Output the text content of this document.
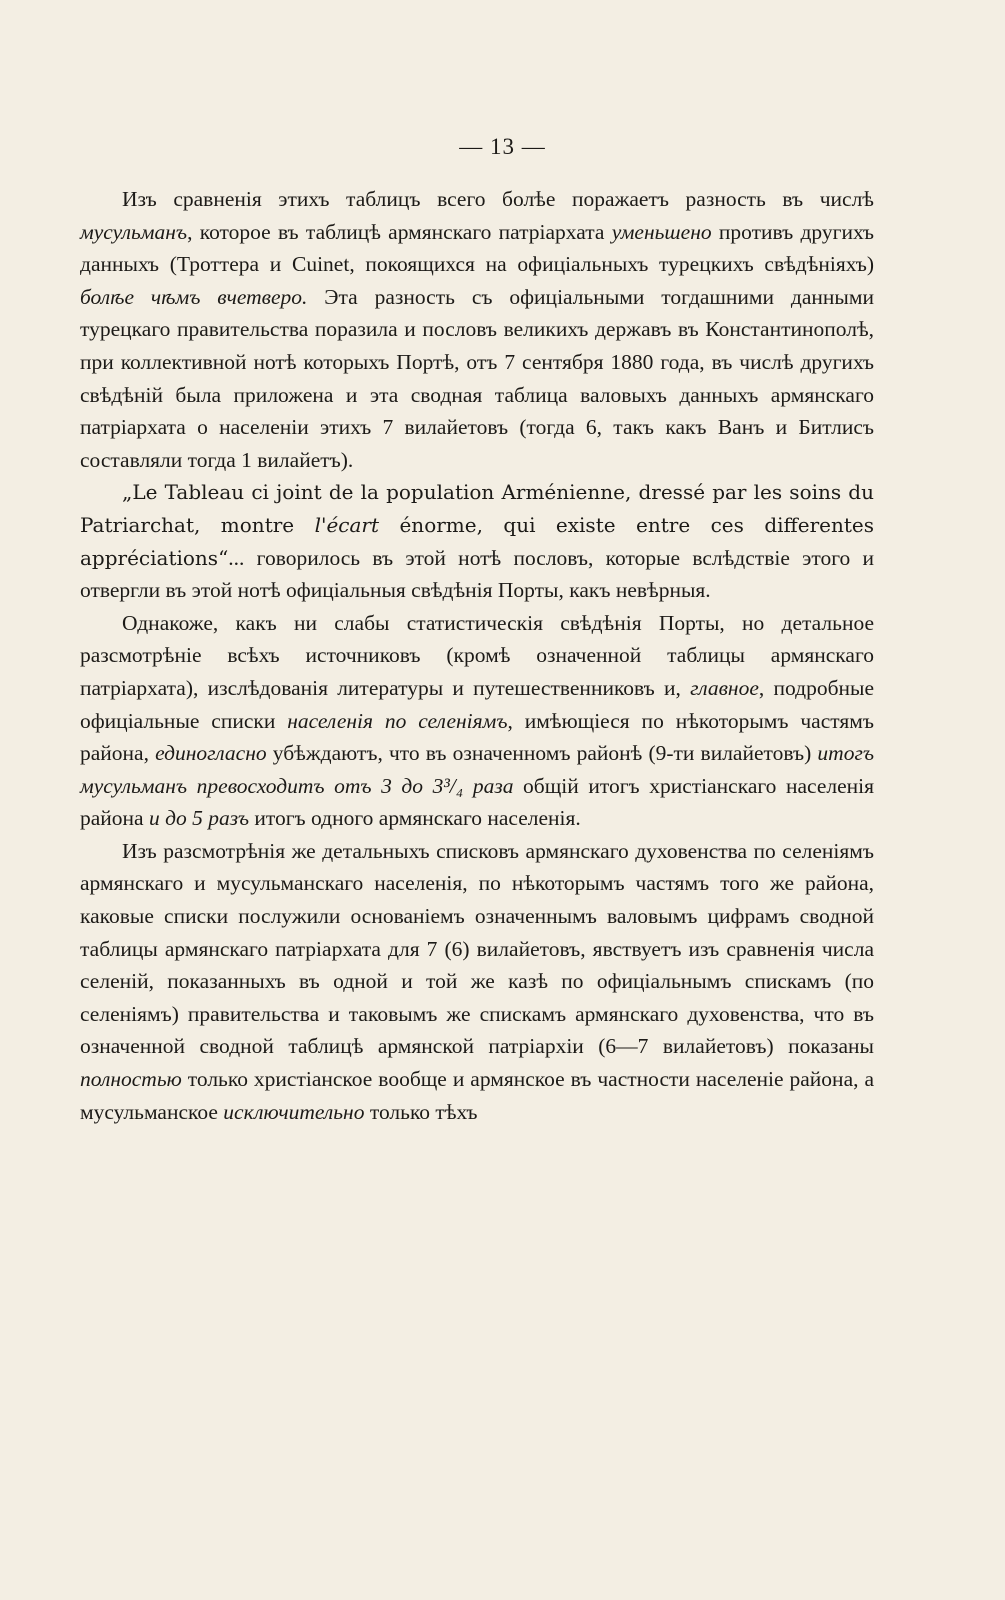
— 13 —

Изъ сравненія этихъ таблицъ всего болѣе поражаетъ разность въ числѣ мусульманъ, которое въ таблицѣ армянскаго патріархата уменьшено противъ другихъ данныхъ (Троттера и Cuinet, покоящихся на офиціальныхъ турецкихъ свѣдѣніяхъ) болѣе чѣмъ вчетверо. Эта разность съ офиціальными тогдашними данными турецкаго правительства поразила и пословъ великихъ державъ въ Константинополѣ, при коллективной нотѣ которыхъ Портѣ, отъ 7 сентября 1880 года, въ числѣ другихъ свѣдѣній была приложена и эта сводная таблица валовыхъ данныхъ армянскаго патріархата о населеніи этихъ 7 вилайетовъ (тогда 6, такъ какъ Ванъ и Битлисъ составляли тогда 1 вилайетъ).

„Le Tableau ci joint de la population Arménienne, dressé par les soins du Patriarchat, montre l'écart énorme, qui existe entre ces differentes appréciations“... говорилось въ этой нотѣ пословъ, которые вслѣдствіе этого и отвергли въ этой нотѣ офиціальныя свѣдѣнія Порты, какъ невѣрныя.

Однакоже, какъ ни слабы статистическія свѣдѣнія Порты, но детальное разсмотрѣніе всѣхъ источниковъ (кромѣ означенной таблицы армянскаго патріархата), изслѣдованія литературы и путешественниковъ и, главное, подробные офиціальные списки населенія по селеніямъ, имѣющіеся по нѣкоторымъ частямъ района, единогласно убѣждаютъ, что въ означенномъ районѣ (9-ти вилайетовъ) итогъ мусульманъ превосходитъ отъ 3 до 3³/₄ раза общій итогъ христіанскаго населенія района и до 5 разъ итогъ одного армянскаго населенія.

Изъ разсмотрѣнія же детальныхъ списковъ армянскаго духовенства по селеніямъ армянскаго и мусульманскаго населенія, по нѣкоторымъ частямъ того же района, каковые списки послужили основаніемъ означеннымъ валовымъ цифрамъ сводной таблицы армянскаго патріархата для 7 (6) вилайетовъ, явствуетъ изъ сравненія числа селеній, показанныхъ въ одной и той же казѣ по офиціальнымъ спискамъ (по селеніямъ) правительства и таковымъ же спискамъ армянскаго духовенства, что въ означенной сводной таблицѣ армянской патріархіи (6—7 вилайетовъ) показаны полностью только христіанское вообще и армянское въ частности населеніе района, а мусульманское исключительно только тѣхъ
